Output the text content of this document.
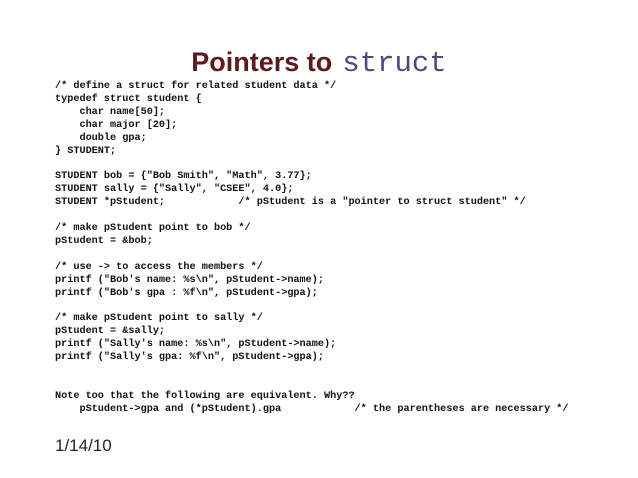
Pointers to struct
/* define a struct for related student data */
typedef struct student {
char name[50];
char major [20];
double gpa;
} STUDENT;

STUDENT bob = {"Bob Smith", "Math", 3.77};
STUDENT sally = {"Sally", "CSEE", 4.0};
STUDENT *pStudent;            /* pStudent is a "pointer to struct student" */

/* make pStudent point to bob */
pStudent = &bob;

/* use -> to access the members */
printf ("Bob's name: %s\n", pStudent->name);
printf ("Bob's gpa : %f\n", pStudent->gpa);

/* make pStudent point to sally */
pStudent = &sally;
printf ("Sally's name: %s\n", pStudent->name);
printf ("Sally's gpa: %f\n", pStudent->gpa);

Note too that the following are equivalent. Why??
pStudent->gpa and (*pStudent).gpa            /* the parentheses are necessary */

1/14/10
